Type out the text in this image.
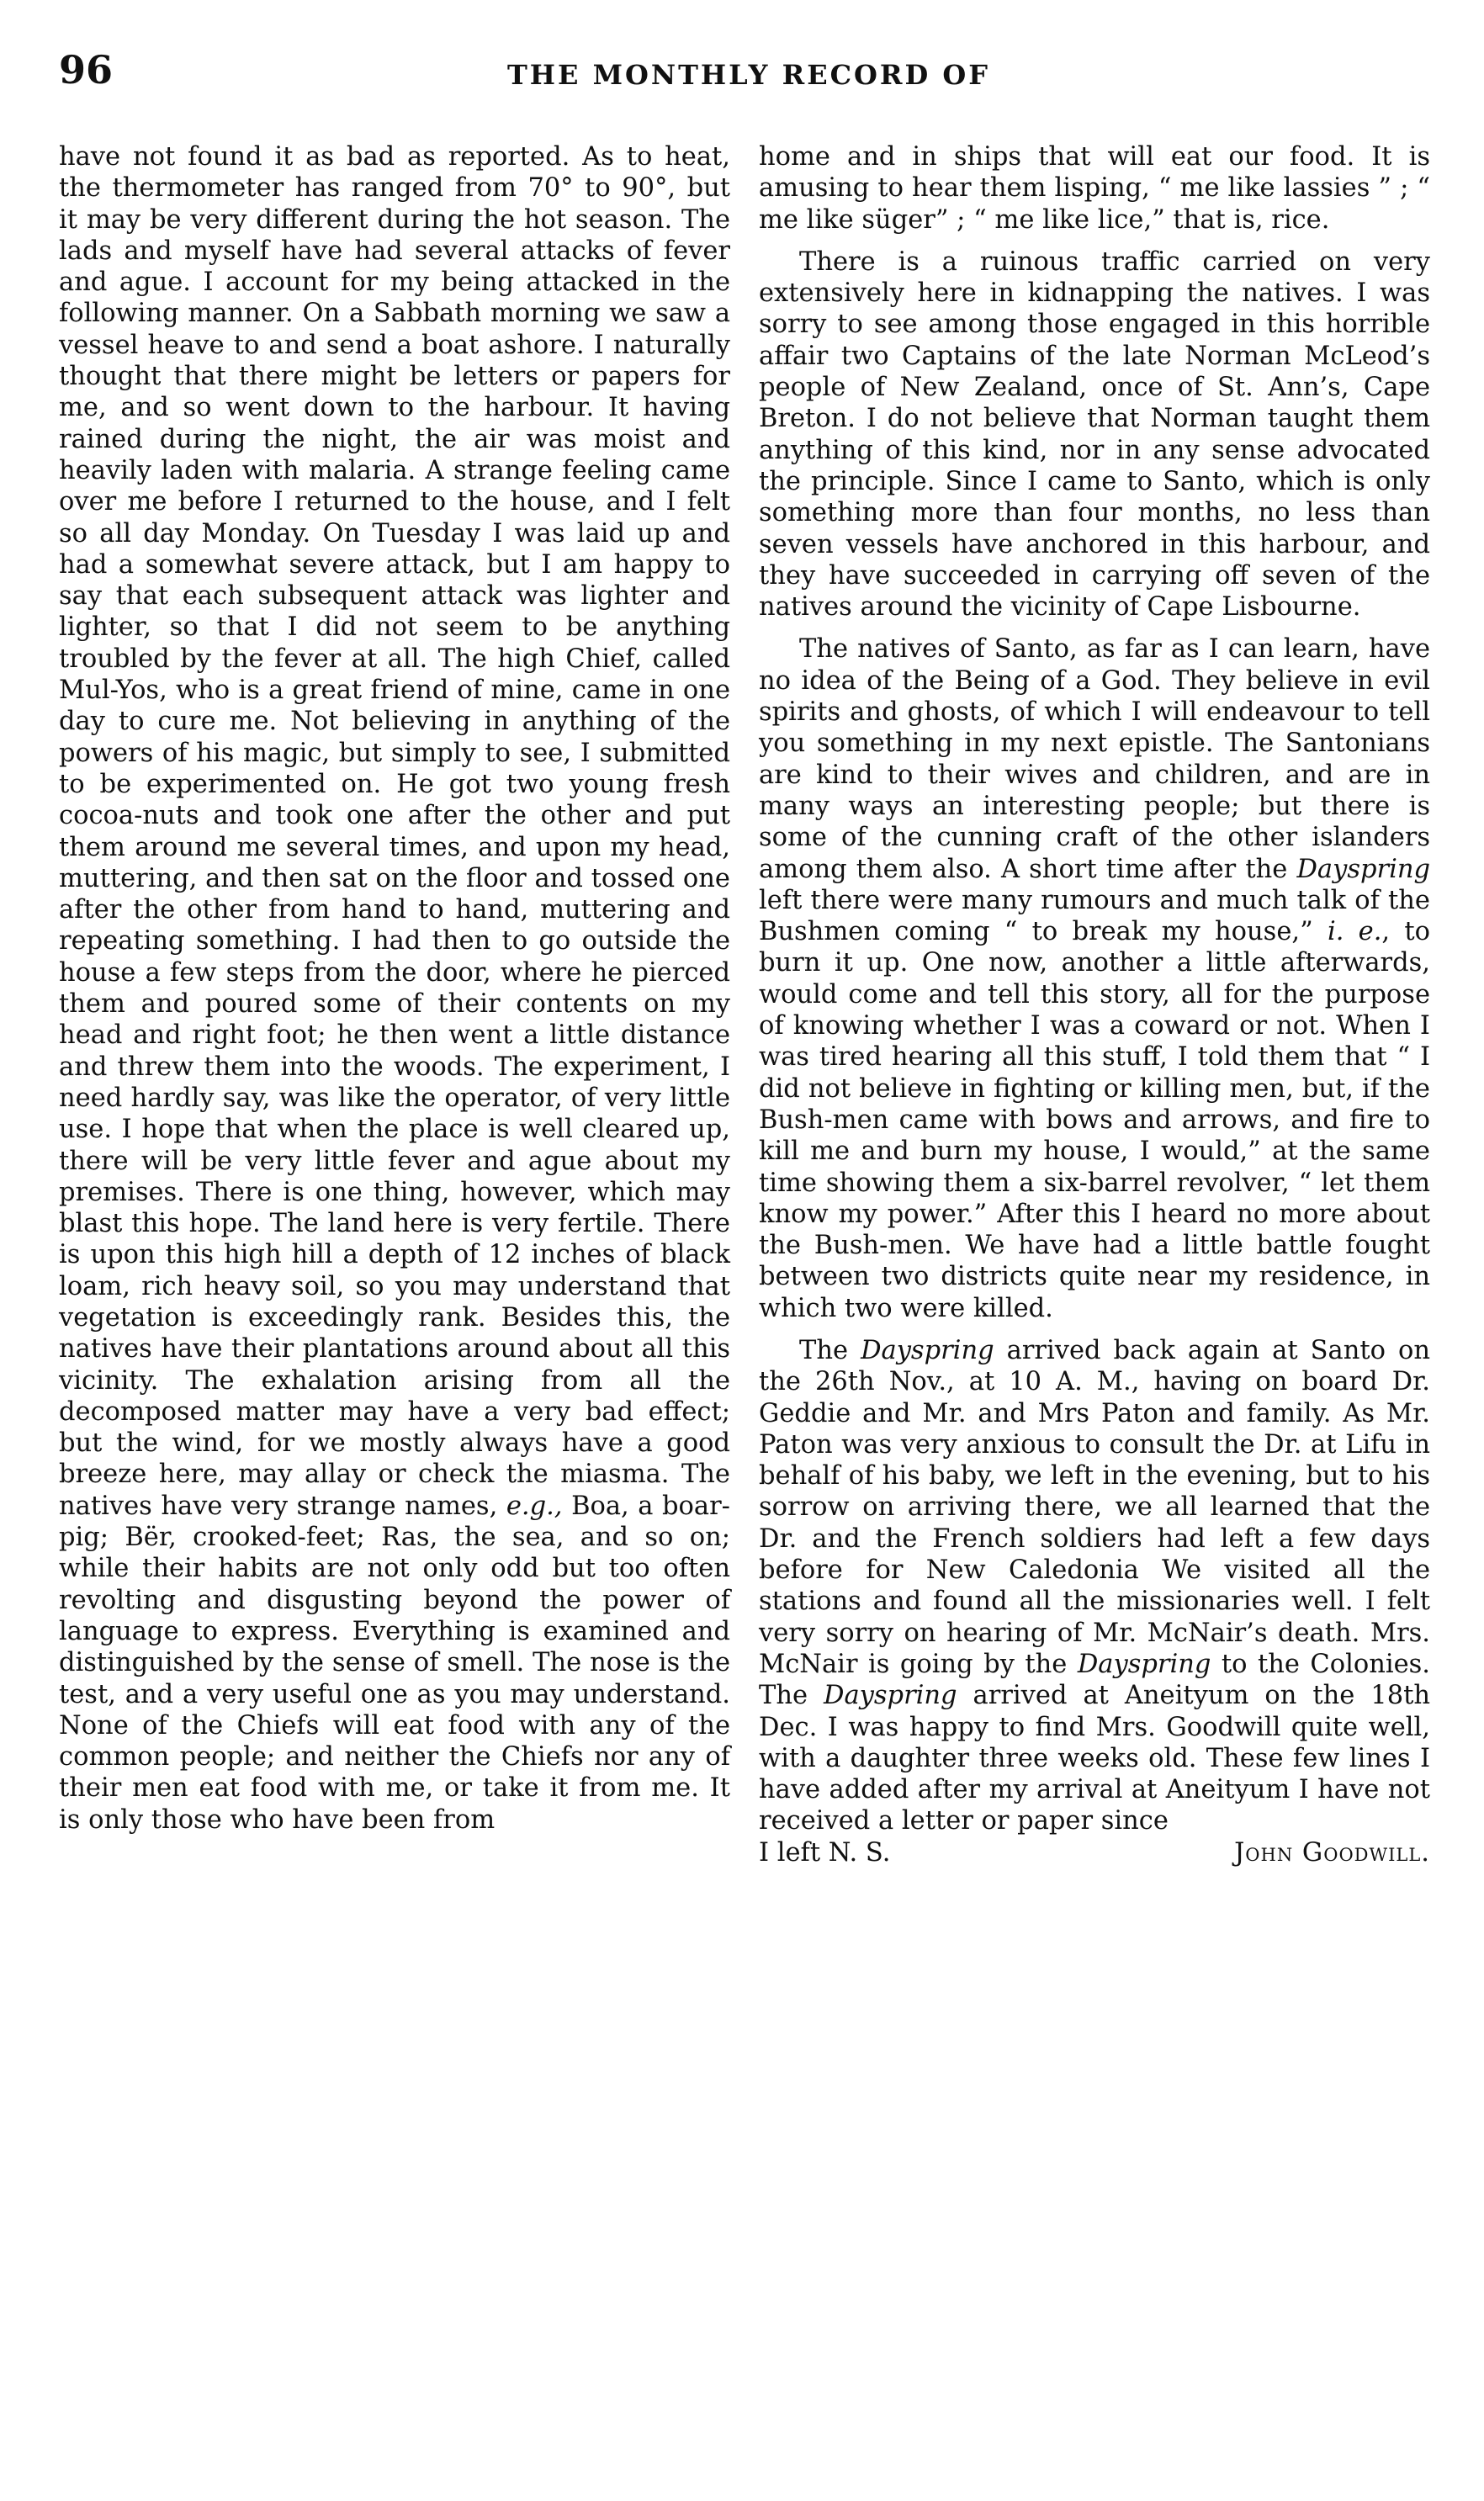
96	THE MONTHLY RECORD OF

have not found it as bad as reported. As to heat, the thermometer has ranged from 70° to 90°, but it may be very different during the hot season. The lads and myself have had several attacks of fever and ague. I account for my being attacked in the following manner. On a Sabbath morning we saw a vessel heave to and send a boat ashore. I naturally thought that there might be letters or papers for me, and so went down to the harbour. It having rained during the night, the air was moist and heavily laden with malaria. A strange feeling came over me before I returned to the house, and I felt so all day Monday. On Tuesday I was laid up and had a somewhat severe attack, but I am happy to say that each subsequent attack was lighter and lighter, so that I did not seem to be anything troubled by the fever at all. The high Chief, called Mul-Yos, who is a great friend of mine, came in one day to cure me. Not believing in anything of the powers of his magic, but simply to see, I submitted to be experimented on. He got two young fresh cocoa-nuts and took one after the other and put them around me several times, and upon my head, muttering, and then sat on the floor and tossed one after the other from hand to hand, muttering and repeating something. I had then to go outside the house a few steps from the door, where he pierced them and poured some of their contents on my head and right foot; he then went a little distance and threw them into the woods. The experiment, I need hardly say, was like the operator, of very little use. I hope that when the place is well cleared up, there will be very little fever and ague about my premises. There is one thing, however, which may blast this hope. The land here is very fertile. There is upon this high hill a depth of 12 inches of black loam, rich heavy soil, so you may understand that vegetation is exceedingly rank. Besides this, the natives have their plantations around about all this vicinity. The exhalation arising from all the decomposed matter may have a very bad effect; but the wind, for we mostly always have a good breeze here, may allay or check the miasma. The natives have very strange names, e.g., Boa, a boar-pig; Bër, crooked-feet; Ras, the sea, and so on; while their habits are not only odd but too often revolting and disgusting beyond the power of language to express. Everything is examined and distinguished by the sense of smell. The nose is the test, and a very useful one as you may understand. None of the Chiefs will eat food with any of the common people; and neither the Chiefs nor any of their men eat food with me, or take it from me. It is only those who have been from

home and in ships that will eat our food. It is amusing to hear them lisping, “ me like lassies ” ; “ me like süger” ; “ me like lice,” that is, rice.

There is a ruinous traffic carried on very extensively here in kidnapping the natives. I was sorry to see among those engaged in this horrible affair two Captains of the late Norman McLeod’s people of New Zealand, once of St. Ann’s, Cape Breton. I do not believe that Norman taught them anything of this kind, nor in any sense advocated the principle. Since I came to Santo, which is only something more than four months, no less than seven vessels have anchored in this harbour, and they have succeeded in carrying off seven of the natives around the vicinity of Cape Lisbourne.

The natives of Santo, as far as I can learn, have no idea of the Being of a God. They believe in evil spirits and ghosts, of which I will endeavour to tell you something in my next epistle. The Santonians are kind to their wives and children, and are in many ways an interesting people; but there is some of the cunning craft of the other islanders among them also. A short time after the Dayspring left there were many rumours and much talk of the Bushmen coming “ to break my house,” i. e., to burn it up. One now, another a little afterwards, would come and tell this story, all for the purpose of knowing whether I was a coward or not. When I was tired hearing all this stuff, I told them that “ I did not believe in fighting or killing men, but, if the Bush-men came with bows and arrows, and fire to kill me and burn my house, I would,” at the same time showing them a six-barrel revolver, “ let them know my power.” After this I heard no more about the Bush-men. We have had a little battle fought between two districts quite near my residence, in which two were killed.

The Dayspring arrived back again at Santo on the 26th Nov., at 10 A. M., having on board Dr. Geddie and Mr. and Mrs Paton and family. As Mr. Paton was very anxious to consult the Dr. at Lifu in behalf of his baby, we left in the evening, but to his sorrow on arriving there, we all learned that the Dr. and the French soldiers had left a few days before for New Caledonia We visited all the stations and found all the missionaries well. I felt very sorry on hearing of Mr. McNair’s death. Mrs. McNair is going by the Dayspring to the Colonies. The Dayspring arrived at Aneityum on the 18th Dec. I was happy to find Mrs. Goodwill quite well, with a daughter three weeks old. These few lines I have added after my arrival at Aneityum I have not received a letter or paper since

I left N. S.	John Goodwill.
